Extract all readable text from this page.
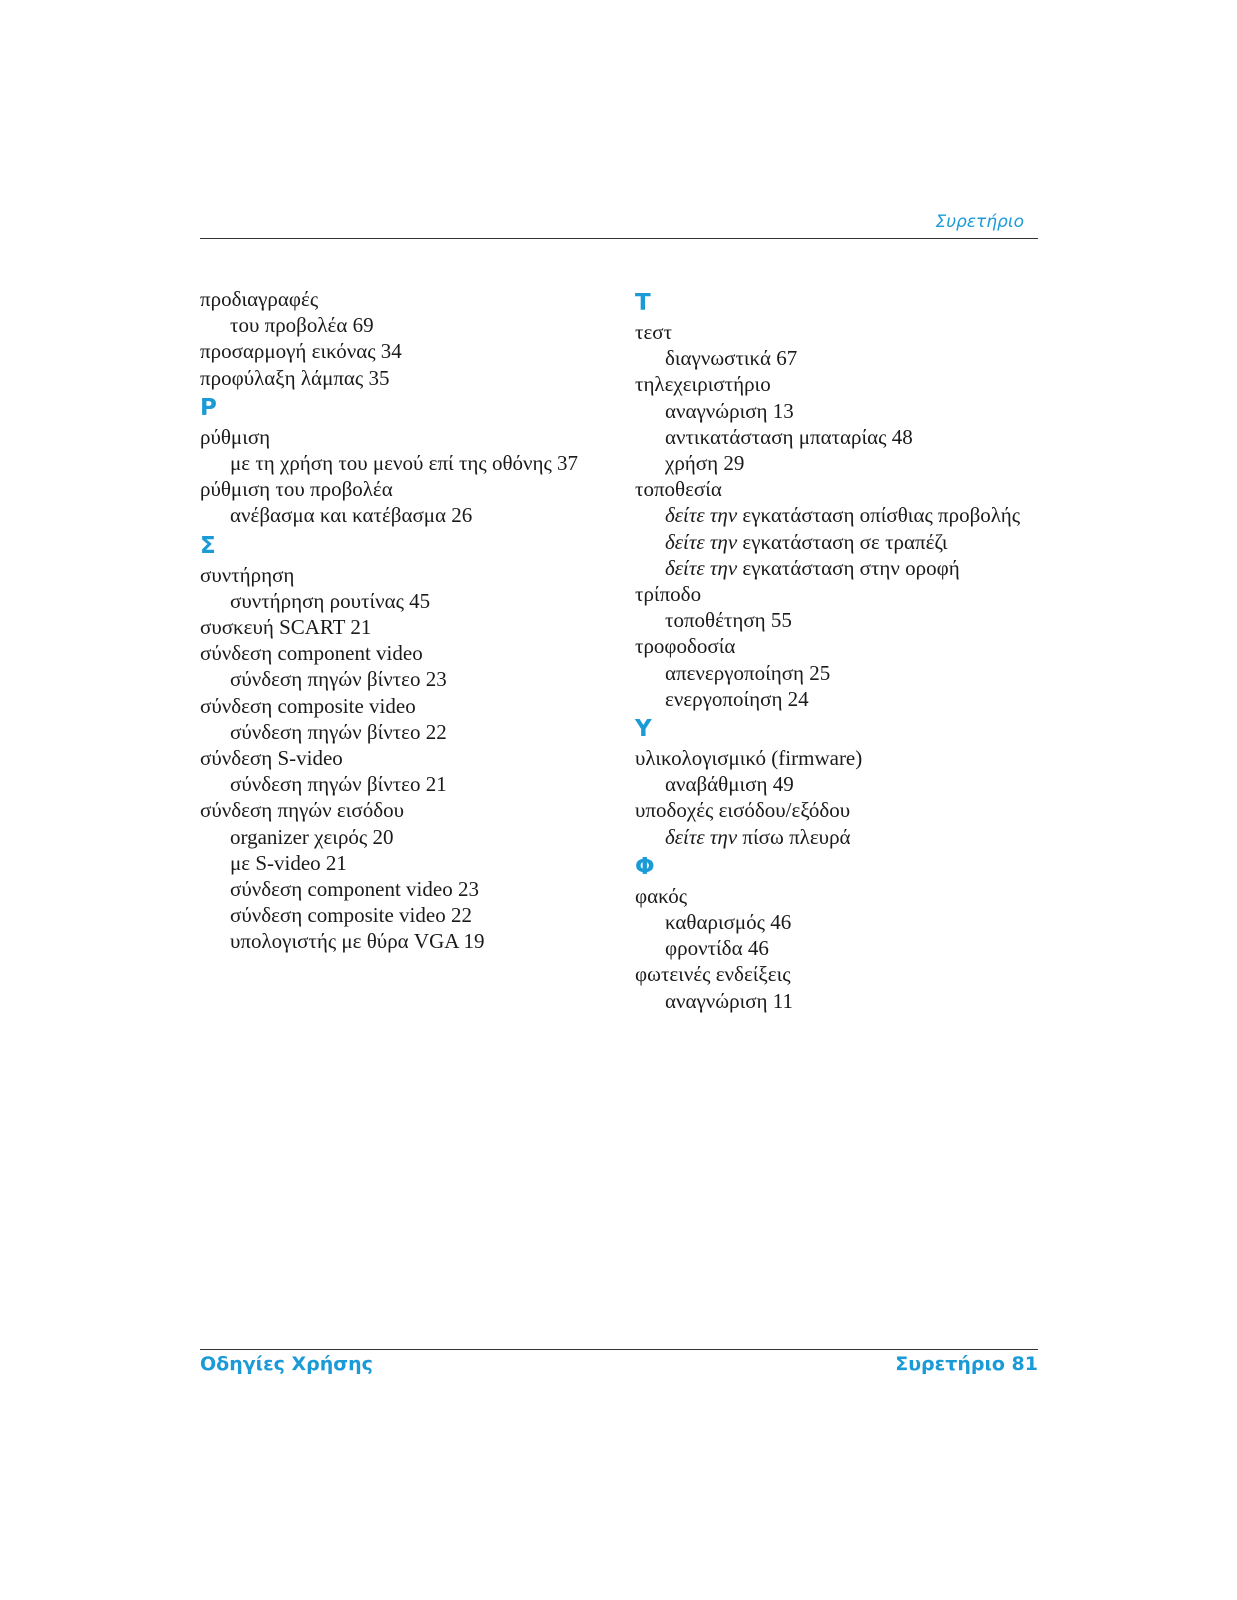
Συρετήριο
προδιαγραφές
του προβολέα 69
προσαρμογή εικόνας 34
προφύλαξη λάμπας 35
Ρ
ρύθμιση
με τη χρήση του μενού επί της οθόνης 37
ρύθμιση του προβολέα
ανέβασμα και κατέβασμα 26
Σ
συντήρηση
συντήρηση ρουτίνας 45
συσκευή SCART 21
σύνδεση component video
σύνδεση πηγών βίντεο 23
σύνδεση composite video
σύνδεση πηγών βίντεο 22
σύνδεση S-video
σύνδεση πηγών βίντεο 21
σύνδεση πηγών εισόδου
organizer χειρός 20
με S-video 21
σύνδεση component video 23
σύνδεση composite video 22
υπολογιστής με θύρα VGA 19
Τ
τεστ
διαγνωστικά 67
τηλεχειριστήριο
αναγνώριση 13
αντικατάσταση μπαταρίας 48
χρήση 29
τοποθεσία
δείτε την εγκατάσταση οπίσθιας προβολής
δείτε την εγκατάσταση σε τραπέζι
δείτε την εγκατάσταση στην οροφή
τρίποδο
τοποθέτηση 55
τροφοδοσία
απενεργοποίηση 25
ενεργοποίηση 24
Υ
υλικολογισμικό (firmware)
αναβάθμιση 49
υποδοχές εισόδου/εξόδου
δείτε την πίσω πλευρά
Φ
φακός
καθαρισμός 46
φροντίδα 46
φωτεινές ενδείξεις
αναγνώριση 11
Οδηγίες Χρήσης	Συρετήριο 81
